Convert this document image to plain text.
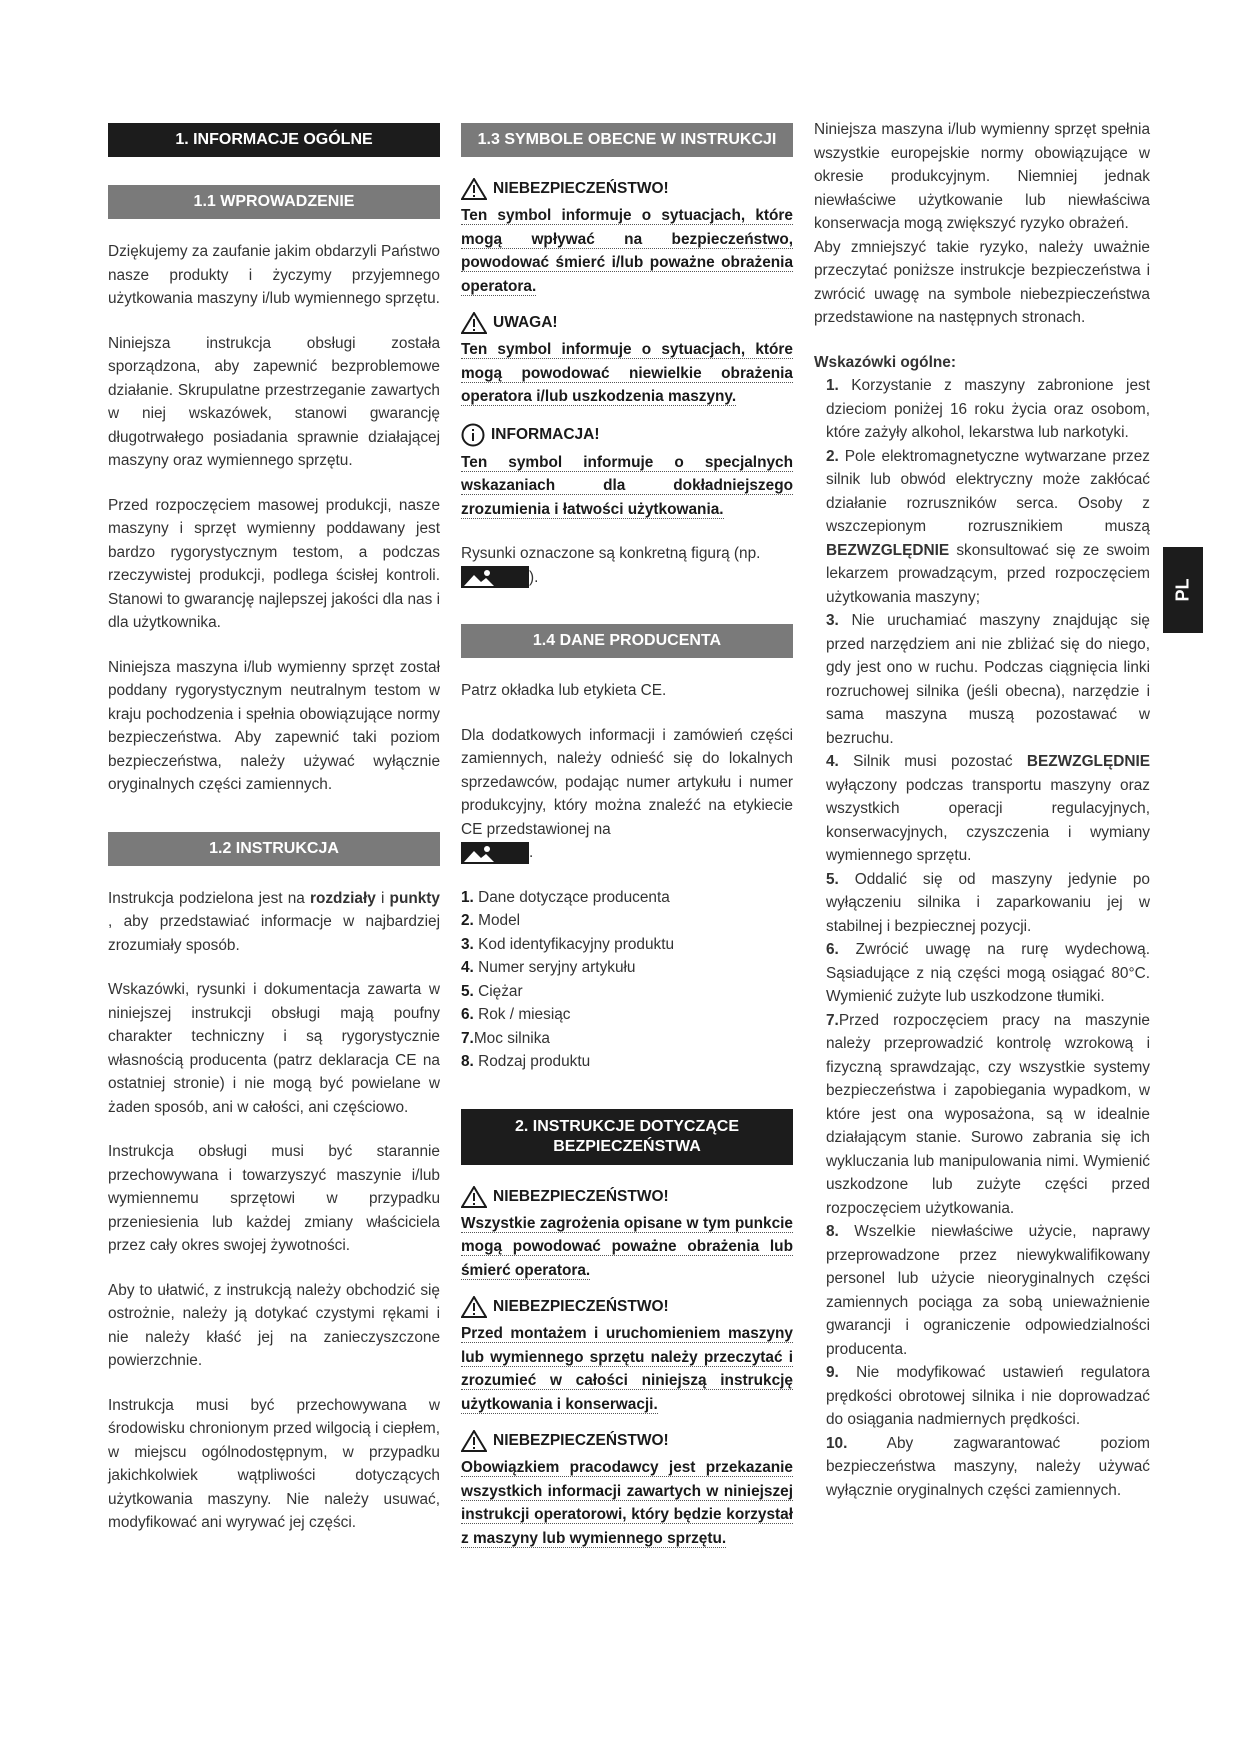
1. INFORMACJE OGÓLNE
1.1 WPROWADZENIE

Dziękujemy za zaufanie jakim obdarzyli Państwo nasze produkty i życzymy przyjemnego użytkowania maszyny i/lub wymiennego sprzętu.

Niniejsza instrukcja obsługi została sporządzona, aby zapewnić bezproblemowe działanie. Skrupulatne przestrzeganie zawartych w niej wskazówek, stanowi gwarancję długotrwałego posiadania sprawnie działającej maszyny oraz wymiennego sprzętu.

Przed rozpoczęciem masowej produkcji, nasze maszyny i sprzęt wymienny poddawany jest bardzo rygorystycznym testom, a podczas rzeczywistej produkcji, podlega ścisłej kontroli. Stanowi to gwarancję najlepszej jakości dla nas i dla użytkownika.

Niniejsza maszyna i/lub wymienny sprzęt został poddany rygorystycznym neutralnym testom w kraju pochodzenia i spełnia obowiązujące normy bezpieczeństwa. Aby zapewnić taki poziom bezpieczeństwa, należy używać wyłącznie oryginalnych części zamiennych.

1.2 INSTRUKCJA

Instrukcja podzielona jest na rozdziały i punkty , aby przedstawiać informacje w najbardziej zrozumiały sposób.

Wskazówki, rysunki i dokumentacja zawarta w niniejszej instrukcji obsługi mają poufny charakter techniczny i są rygorystycznie własnością producenta (patrz deklaracja CE na ostatniej stronie) i nie mogą być powielane w żaden sposób, ani w całości, ani częściowo.

Instrukcja obsługi musi być starannie przechowywana i towarzyszyć maszynie i/lub wymiennemu sprzętowi w przypadku przeniesienia lub każdej zmiany właściciela przez cały okres swojej żywotności.

Aby to ułatwić, z instrukcją należy obchodzić się ostrożnie, należy ją dotykać czystymi rękami i nie należy kłaść jej na zanieczyszczone powierzchnie.

Instrukcja musi być przechowywana w środowisku chronionym przed wilgocią i ciepłem, w miejscu ogólnodostępnym, w przypadku jakichkolwiek wątpliwości dotyczących użytkowania maszyny. Nie należy usuwać, modyfikować ani wyrywać jej części.

1.3 SYMBOLE OBECNE W INSTRUKCJI
NIEBEZPIECZEŃSTWO!

Ten symbol informuje o sytuacjach, które mogą wpływać na bezpieczeństwo, powodować śmierć i/lub poważne obrażenia operatora.

UWAGA!

Ten symbol informuje o sytuacjach, które mogą powodować niewielkie obrażenia operatora i/lub uszkodzenia maszyny.

INFORMACJA!

Ten symbol informuje o specjalnych wskazaniach dla dokładniejszego zrozumienia i łatwości użytkowania.

Rysunki oznaczone są konkretną figurą (np.

).

1.4 DANE PRODUCENTA

Patrz okładka lub etykieta CE.

Dla dodatkowych informacji i zamówień części zamiennych, należy odnieść się do lokalnych sprzedawców, podając numer artykułu i numer produkcyjny, który można znaleźć na etykiecie CE przedstawionej na

.

1. Dane dotyczące producenta
2. Model
3. Kod identyfikacyjny produktu
4. Numer seryjny artykułu
5. Ciężar
6. Rok / miesiąc
7.Moc silnika
8. Rodzaj produktu
2. INSTRUKCJE DOTYCZĄCE BEZPIECZEŃSTWA
NIEBEZPIECZEŃSTWO!

Wszystkie zagrożenia opisane w tym punkcie mogą powodować poważne obrażenia lub śmierć operatora.

NIEBEZPIECZEŃSTWO!

Przed montażem i uruchomieniem maszyny lub wymiennego sprzętu należy przeczytać i zrozumieć w całości niniejszą instrukcję użytkowania i konserwacji.

NIEBEZPIECZEŃSTWO!

Obowiązkiem pracodawcy jest przekazanie wszystkich informacji zawartych w niniejszej instrukcji operatorowi, który będzie korzystał z maszyny lub wymiennego sprzętu.

Niniejsza maszyna i/lub wymienny sprzęt spełnia wszystkie europejskie normy obowiązujące w okresie produkcyjnym. Niemniej jednak niewłaściwe użytkowanie lub niewłaściwa konserwacja mogą zwiększyć ryzyko obrażeń.

Aby zmniejszyć takie ryzyko, należy uważnie przeczytać poniższe instrukcje bezpieczeństwa i zwrócić uwagę na symbole niebezpieczeństwa przedstawione na następnych stronach.

Wskazówki ogólne:

1. Korzystanie z maszyny zabronione jest dzieciom poniżej 16 roku życia oraz osobom, które zażyły alkohol, lekarstwa lub narkotyki.
2. Pole elektromagnetyczne wytwarzane przez silnik lub obwód elektryczny może zakłócać działanie rozruszników serca. Osoby z wszczepionym rozrusznikiem muszą BEZWZGLĘDNIE skonsultować się ze swoim lekarzem prowadzącym, przed rozpoczęciem użytkowania maszyny;
3. Nie uruchamiać maszyny znajdując się przed narzędziem ani nie zbliżać się do niego, gdy jest ono w ruchu. Podczas ciągnięcia linki rozruchowej silnika (jeśli obecna), narzędzie i sama maszyna muszą pozostawać w bezruchu.
4. Silnik musi pozostać BEZWZGLĘDNIE wyłączony podczas transportu maszyny oraz wszystkich operacji regulacyjnych, konserwacyjnych, czyszczenia i wymiany wymiennego sprzętu.
5. Oddalić się od maszyny jedynie po wyłączeniu silnika i zaparkowaniu jej w stabilnej i bezpiecznej pozycji.
6. Zwrócić uwagę na rurę wydechową. Sąsiadujące z nią części mogą osiągać 80°C. Wymienić zużyte lub uszkodzone tłumiki.
7.Przed rozpoczęciem pracy na maszynie należy przeprowadzić kontrolę wzrokową i fizyczną sprawdzając, czy wszystkie systemy bezpieczeństwa i zapobiegania wypadkom, w które jest ona wyposażona, są w idealnie działającym stanie. Surowo zabrania się ich wykluczania lub manipulowania nimi. Wymienić uszkodzone lub zużyte części przed rozpoczęciem użytkowania.
8. Wszelkie niewłaściwe użycie, naprawy przeprowadzone przez niewykwalifikowany personel lub użycie nieoryginalnych części zamiennych pociąga za sobą unieważnienie gwarancji i ograniczenie odpowiedzialności producenta.
9. Nie modyfikować ustawień regulatora prędkości obrotowej silnika i nie doprowadzać do osiągania nadmiernych prędkości.
10. Aby zagwarantować poziom bezpieczeństwa maszyny, należy używać wyłącznie oryginalnych części zamiennych.
PL
